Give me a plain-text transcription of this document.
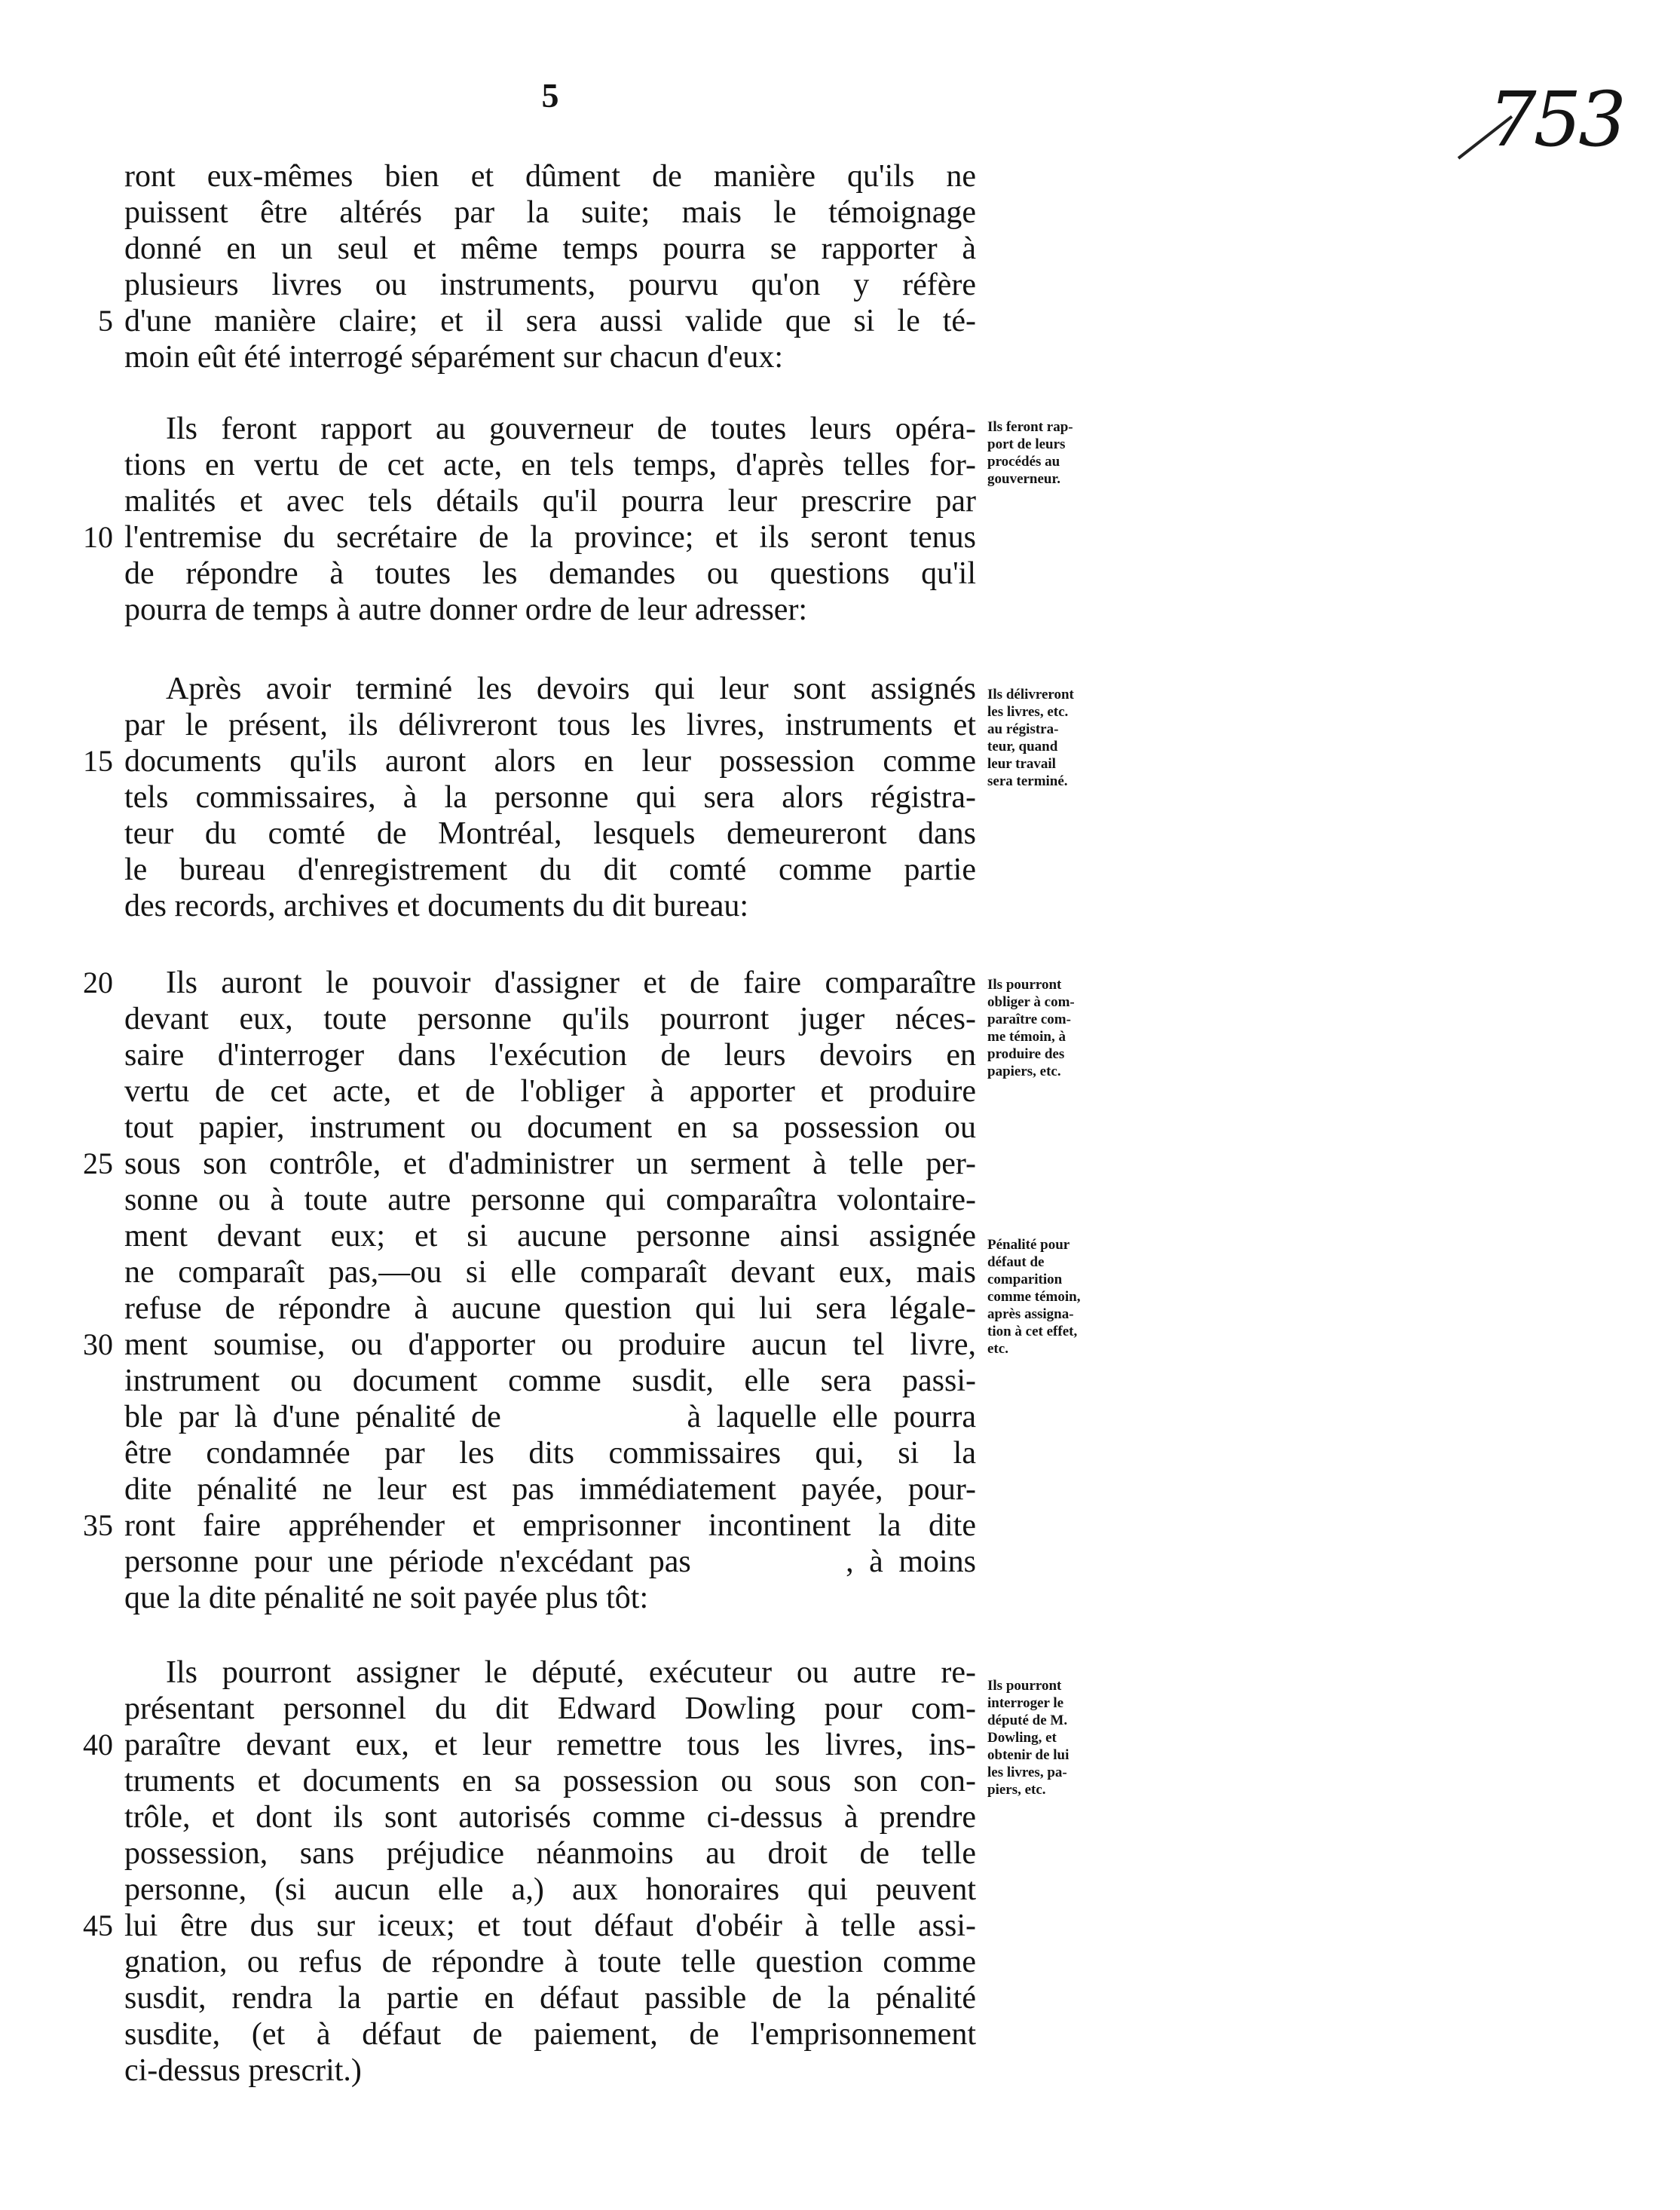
5	753
ront eux-mêmes bien et dûment de manière qu'ils ne
puissent être altérés par la suite; mais le témoignage
donné en un seul et même temps pourra se rapporter à
plusieurs livres ou instruments, pourvu qu'on y réfère
d'une manière claire; et il sera aussi valide que si le té-
moin eût été interrogé séparément sur chacun d'eux:
Ils feront rapport au gouverneur de toutes leurs opéra-
tions en vertu de cet acte, en tels temps, d'après telles for-
malités et avec tels détails qu'il pourra leur prescrire par
l'entremise du secrétaire de la province; et ils seront tenus
de répondre à toutes les demandes ou questions qu'il
pourra de temps à autre donner ordre de leur adresser:
Ils feront rap-
port de leurs
procédés au
gouverneur.
Après avoir terminé les devoirs qui leur sont assignés
par le présent, ils délivreront tous les livres, instruments et
documents qu'ils auront alors en leur possession comme
tels commissaires, à la personne qui sera alors régistra-
teur du comté de Montréal, lesquels demeureront dans
le bureau d'enregistrement du dit comté comme partie
des records, archives et documents du dit bureau:
Ils délivreront
les livres, etc.
au régistra-
teur, quand
leur travail
sera terminé.
Ils auront le pouvoir d'assigner et de faire comparaître
devant eux, toute personne qu'ils pourront juger néces-
saire d'interroger dans l'exécution de leurs devoirs en
vertu de cet acte, et de l'obliger à apporter et produire
tout papier, instrument ou document en sa possession ou
sous son contrôle, et d'administrer un serment à telle per-
sonne ou à toute autre personne qui comparaîtra volontaire-
ment devant eux; et si aucune personne ainsi assignée
ne comparaît pas,—ou si elle comparaît devant eux, mais
refuse de répondre à aucune question qui lui sera légale-
ment soumise, ou d'apporter ou produire aucun tel livre,
instrument ou document comme susdit, elle sera passi-
ble par là d'une pénalité de            à laquelle elle pourra
être condamnée par les dits commissaires qui, si la
dite pénalité ne leur est pas immédiatement payée, pour-
ront faire appréhender et emprisonner incontinent la dite
personne pour une période n'excédant pas          , à moins
que la dite pénalité ne soit payée plus tôt:
Ils pourront
obliger à com-
paraître com-
me témoin, à
produire des
papiers, etc.
Pénalité pour
défaut de
comparition
comme témoin,
après assigna-
tion à cet effet,
etc.
Ils pourront assigner le député, exécuteur ou autre re-
présentant personnel du dit Edward Dowling pour com-
paraître devant eux, et leur remettre tous les livres, ins-
truments et documents en sa possession ou sous son con-
trôle, et dont ils sont autorisés comme ci-dessus à prendre
possession, sans préjudice néanmoins au droit de telle
personne, (si aucun elle a,) aux honoraires qui peuvent
lui être dus sur iceux; et tout défaut d'obéir à telle assi-
gnation, ou refus de répondre à toute telle question comme
susdit, rendra la partie en défaut passible de la pénalité
susdite, (et à défaut de paiement, de l'emprisonnement
ci-dessus prescrit.)
Ils pourront
interroger le
député de M.
Dowling, et
obtenir de lui
les livres, pa-
piers, etc.
5
10
15
20
25
30
35
40
45
